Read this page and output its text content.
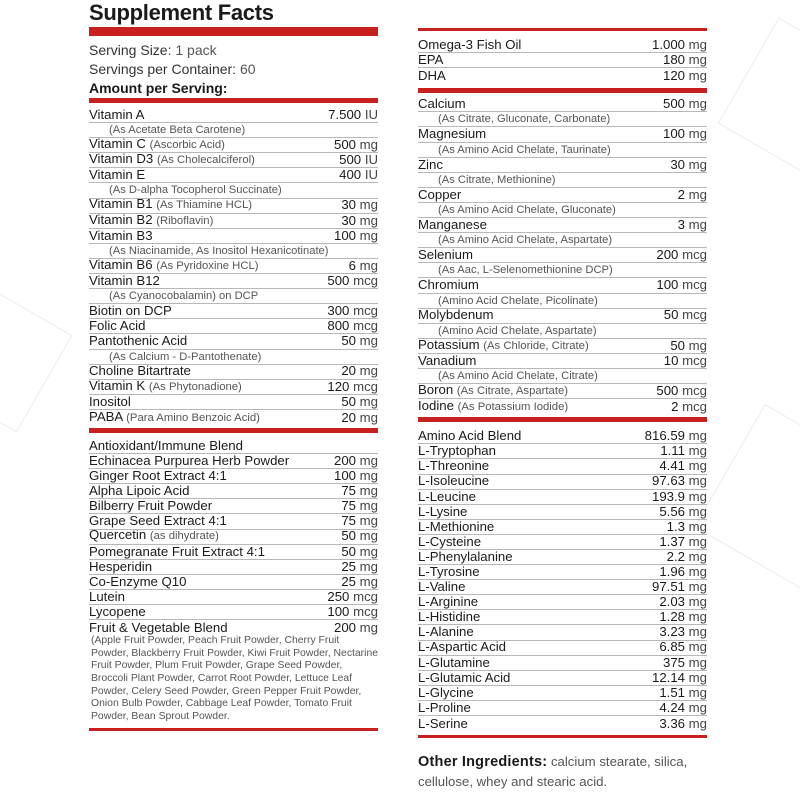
Supplement Facts
Serving Size: 1 pack
Servings per Container: 60
Amount per Serving:
Vitamin A	7.500 IU
(As Acetate Beta Carotene)
Vitamin C (Ascorbic Acid)	500 mg
Vitamin D3 (As Cholecalciferol)	500 IU
Vitamin E	400 IU
(As D-alpha Tocopherol Succinate)
Vitamin B1 (As Thiamine HCL)	30 mg
Vitamin B2 (Riboflavin)	30 mg
Vitamin B3	100 mg
(As Niacinamide, As Inositol Hexanicotinate)
Vitamin B6 (As Pyridoxine HCL)	6 mg
Vitamin B12	500 mcg
(As Cyanocobalamin) on DCP
Biotin on DCP	300 mcg
Folic Acid	800 mcg
Pantothenic Acid	50 mg
(As Calcium - D-Pantothenate)
Choline Bitartrate	20 mg
Vitamin K (As Phytonadione)	120 mcg
Inositol	50 mg
PABA (Para Amino Benzoic Acid)	20 mg
Antioxidant/Immune Blend
Echinacea Purpurea Herb Powder	200 mg
Ginger Root Extract 4:1	100 mg
Alpha Lipoic Acid	75 mg
Bilberry Fruit Powder	75 mg
Grape Seed Extract 4:1	75 mg
Quercetin (as dihydrate)	50 mg
Pomegranate Fruit Extract 4:1	50 mg
Hesperidin	25 mg
Co-Enzyme Q10	25 mg
Lutein	250 mcg
Lycopene	100 mcg
Fruit & Vegetable Blend	200 mg
(Apple Fruit Powder, Peach Fruit Powder, Cherry Fruit Powder, Blackberry Fruit Powder, Kiwi Fruit Powder, Nectarine Fruit Powder, Plum Fruit Powder, Grape Seed Powder, Broccoli Plant Powder, Carrot Root Powder, Lettuce Leaf Powder, Celery Seed Powder, Green Pepper Fruit Powder, Onion Bulb Powder, Cabbage Leaf Powder, Tomato Fruit Powder, Bean Sprout Powder.
Omega-3 Fish Oil	1.000 mg
EPA	180 mg
DHA	120 mg
Calcium	500 mg
(As Citrate, Gluconate, Carbonate)
Magnesium	100 mg
(As Amino Acid Chelate, Taurinate)
Zinc	30 mg
(As Citrate, Methionine)
Copper	2 mg
(As Amino Acid Chelate, Gluconate)
Manganese	3 mg
(As Amino Acid Chelate, Aspartate)
Selenium	200 mcg
(As Aac, L-Selenomethionine DCP)
Chromium	100 mcg
(Amino Acid Chelate, Picolinate)
Molybdenum	50 mcg
(Amino Acid Chelate, Aspartate)
Potassium (As Chloride, Citrate)	50 mg
Vanadium	10 mcg
(As Amino Acid Chelate, Citrate)
Boron (As Citrate, Aspartate)	500 mcg
Iodine (As Potassium Iodide)	2 mcg
Amino Acid Blend	816.59 mg
L-Tryptophan	1.11 mg
L-Threonine	4.41 mg
L-Isoleucine	97.63 mg
L-Leucine	193.9 mg
L-Lysine	5.56 mg
L-Methionine	1.3 mg
L-Cysteine	1.37 mg
L-Phenylalanine	2.2 mg
L-Tyrosine	1.96 mg
L-Valine	97.51 mg
L-Arginine	2.03 mg
L-Histidine	1.28 mg
L-Alanine	3.23 mg
L-Aspartic Acid	6.85 mg
L-Glutamine	375 mg
L-Glutamic Acid	12.14 mg
L-Glycine	1.51 mg
L-Proline	4.24 mg
L-Serine	3.36 mg
Other Ingredients: calcium stearate, silica, cellulose, whey and stearic acid.
